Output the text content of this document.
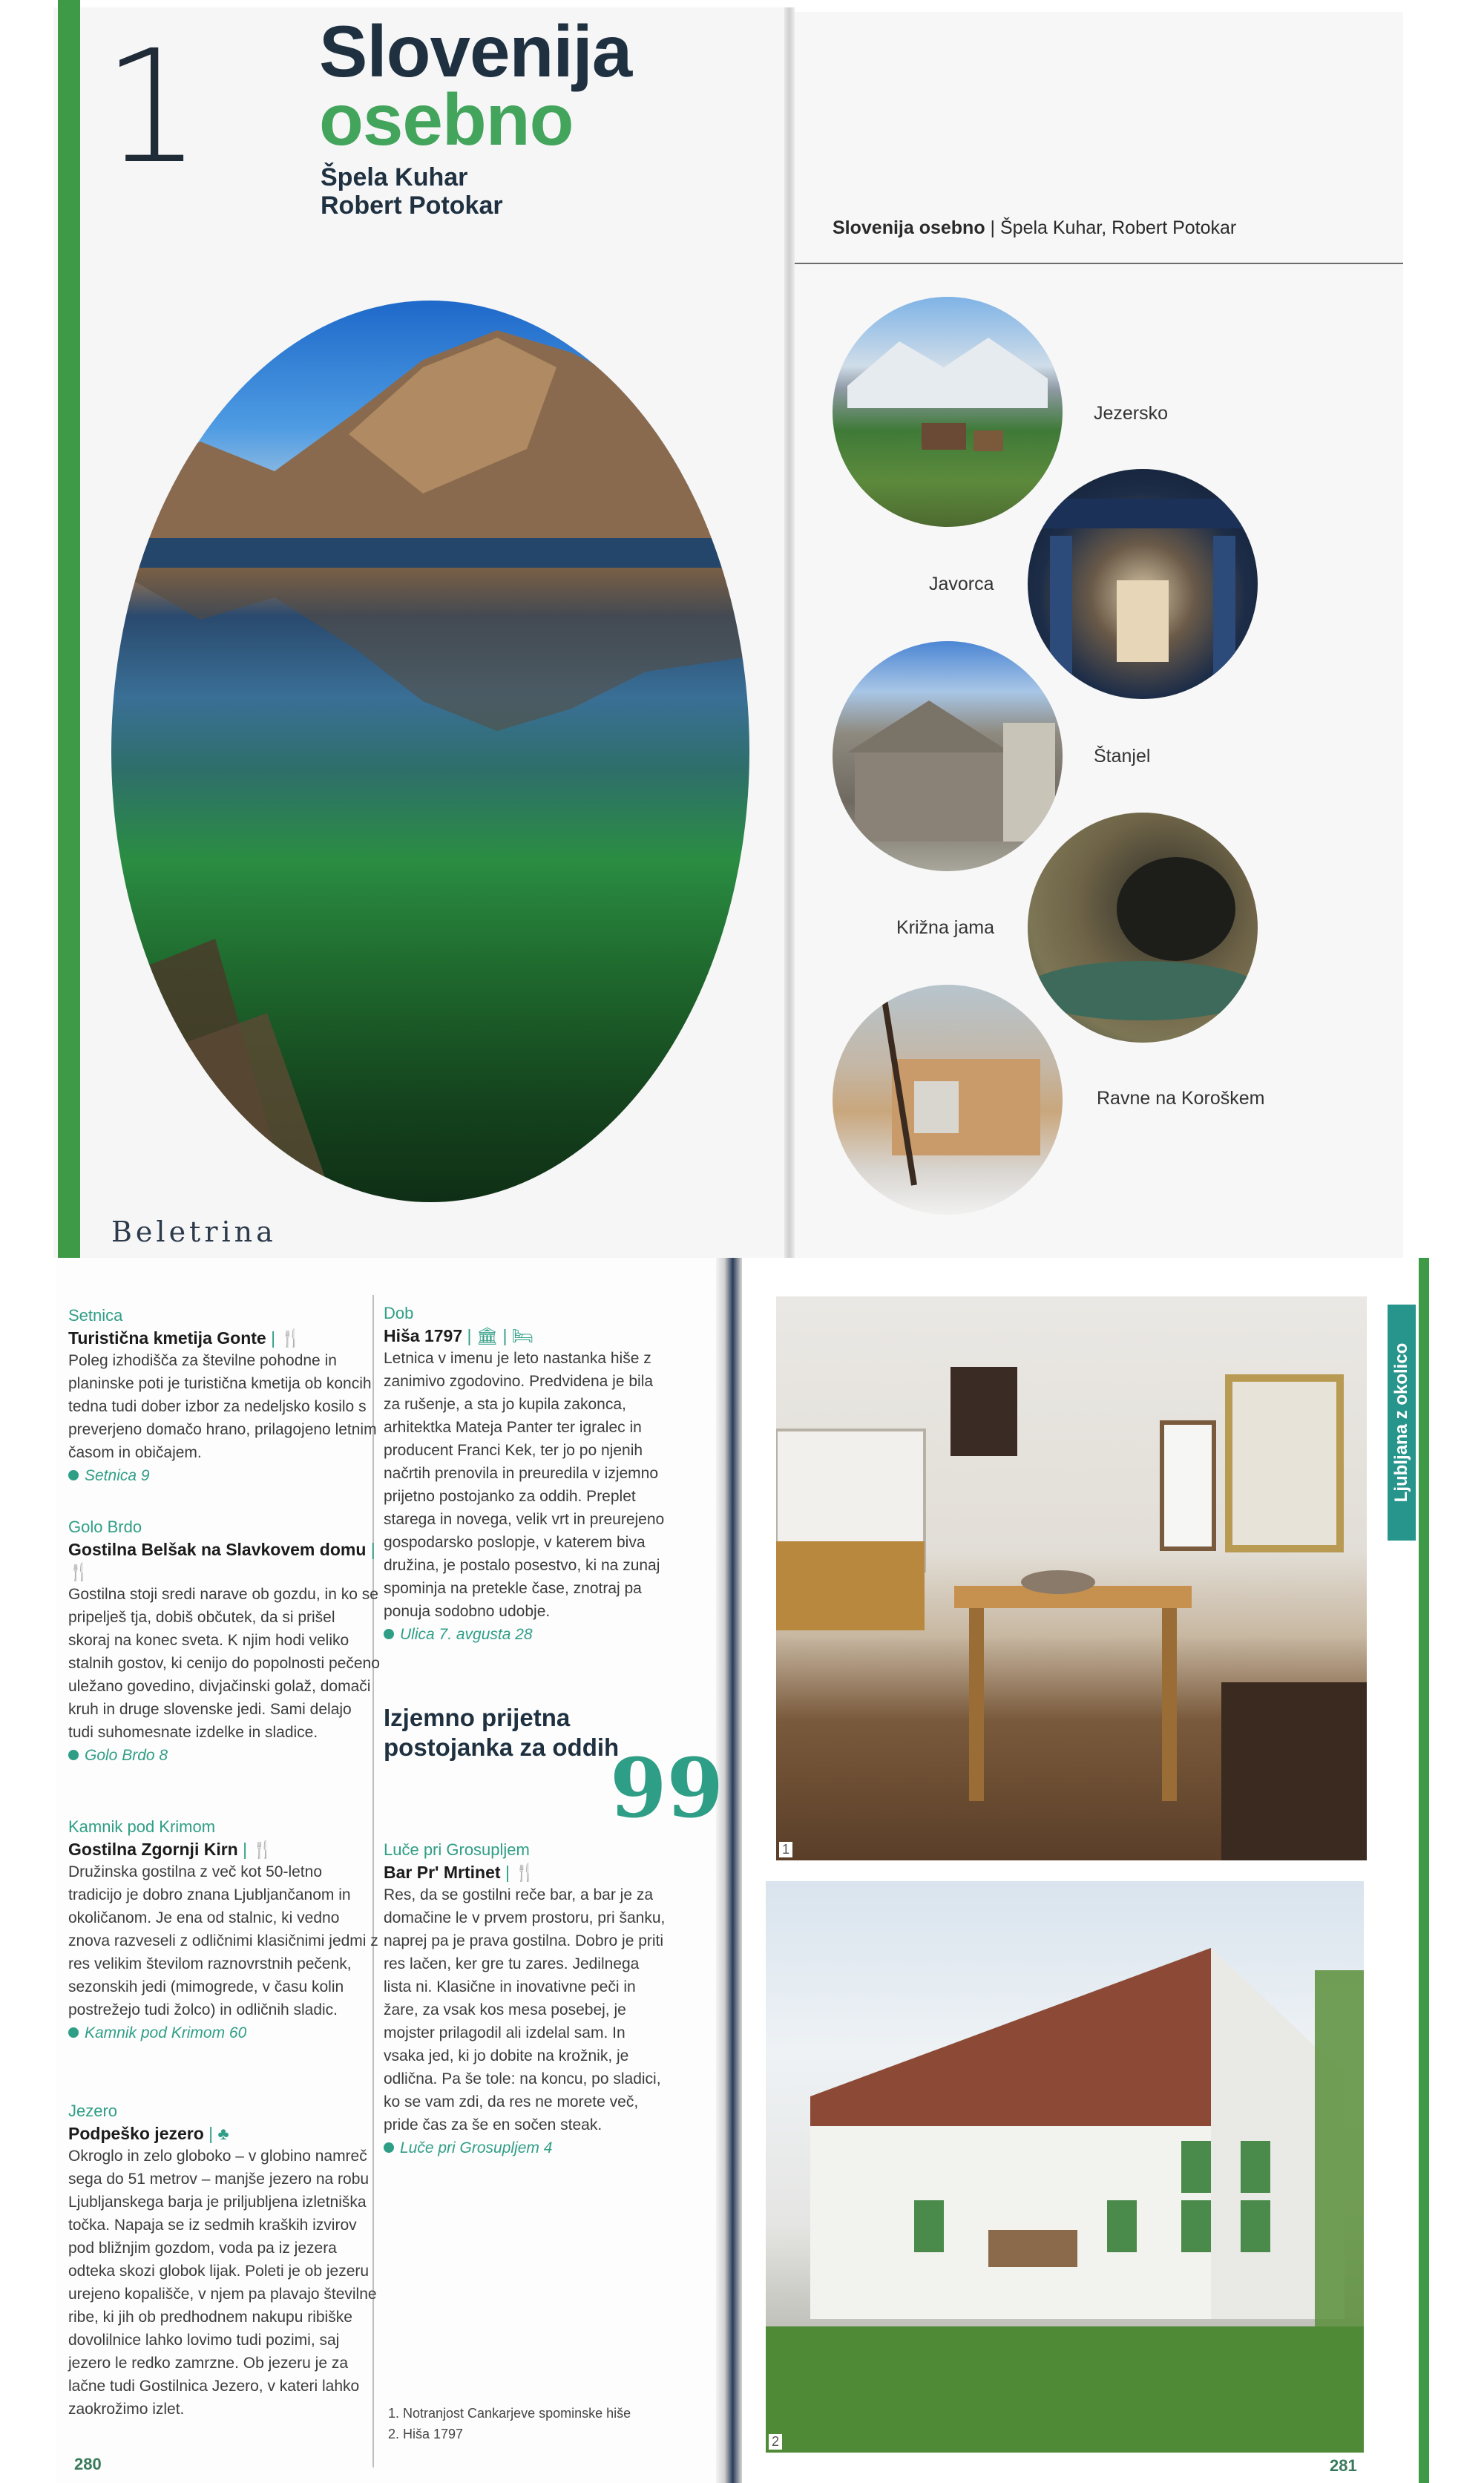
1 Slovenija
osebno
Špela Kuhar
Robert Potokar
Beletrina
Slovenija osebno | Špela Kuhar, Robert Potokar
Jezersko
Javorca
Štanjel
Križna jama
Ravne na Koroškem
Ljubljana z okolico
Setnica
Turistična kmetija Gonte | 🍴
Poleg izhodišča za številne pohodne in planinske poti je turistična kmetija ob koncih tedna tudi dober izbor za nedeljsko kosilo s preverjeno domačo hrano, prilagojeno letnim časom in običajem.
Setnica 9
Golo Brdo
Gostilna Belšak na Slavkovem domu | 🍴
Gostilna stoji sredi narave ob gozdu, in ko se pripelješ tja, dobiš občutek, da si prišel skoraj na konec sveta. K njim hodi veliko stalnih gostov, ki cenijo do popolnosti pečeno uležano govedino, divjačinski golaž, domači kruh in druge slovenske jedi. Sami delajo tudi suhomesnate izdelke in sladice.
Golo Brdo 8
Kamnik pod Krimom
Gostilna Zgornji Kirn | 🍴
Družinska gostilna z več kot 50-letno tradicijo je dobro znana Ljubljančanom in okoličanom. Je ena od stalnic, ki vedno znova razveseli z odličnimi klasičnimi jedmi z res velikim številom raznovrstnih pečenk, sezonskih jedi (mimogrede, v času kolin postrežejo tudi žolco) in odličnih sladic.
Kamnik pod Krimom 60
Jezero
Podpeško jezero | ♣
Okroglo in zelo globoko – v globino namreč sega do 51 metrov – manjše jezero na robu Ljubljanskega barja je priljubljena izletniška točka. Napaja se iz sedmih kraških izvirov pod bližnjim gozdom, voda pa iz jezera odteka skozi globok lijak. Poleti je ob jezeru urejeno kopališče, v njem pa plavajo številne ribe, ki jih ob predhodnem nakupu ribiške dovolilnice lahko lovimo tudi pozimi, saj jezero le redko zamrzne. Ob jezeru je za lačne tudi Gostilnica Jezero, v kateri lahko zaokrožimo izlet.
Dob
Hiša 1797 | 🏛 | 🛏
Letnica v imenu je leto nastanka hiše z zanimivo zgodovino. Predvidena je bila za rušenje, a sta jo kupila zakonca, arhitektka Mateja Panter ter igralec in producent Franci Kek, ter jo po njenih načrtih prenovila in preuredila v izjemno prijetno postojanko za oddih. Preplet starega in novega, velik vrt in preurejeno gospodarsko poslopje, v katerem biva družina, je postalo posestvo, ki na zunaj spominja na pretekle čase, znotraj pa ponuja sodobno udobje.
Ulica 7. avgusta 28
Izjemno prijetna postojanka za oddih
99
Luče pri Grosupljem
Bar Pr' Mrtinet | 🍴
Res, da se gostilni reče bar, a bar je za domačine le v prvem prostoru, pri šanku, naprej pa je prava gostilna. Dobro je priti res lačen, ker gre tu zares. Jedilnega lista ni. Klasične in inovativne peči in žare, za vsak kos mesa posebej, je mojster prilagodil ali izdelal sam. In vsaka jed, ki jo dobite na krožnik, je odlična. Pa še tole: na koncu, po sladici, ko se vam zdi, da res ne morete več, pride čas za še en sočen steak.
Luče pri Grosupljem 4
1. Notranjost Cankarjeve spominske hiše
2. Hiša 1797
280	281
1
2
